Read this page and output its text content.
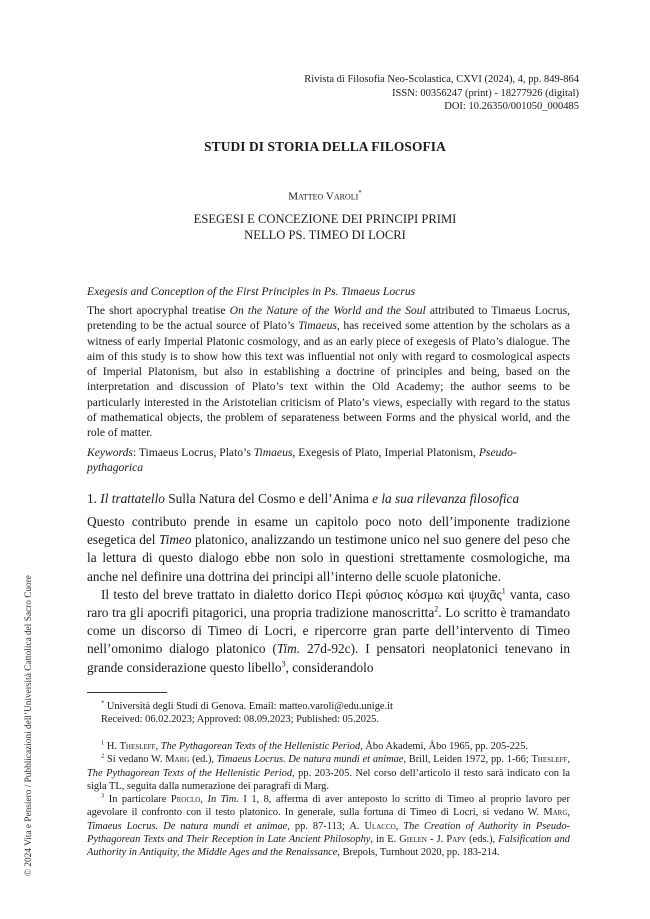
Rivista di Filosofia Neo-Scolastica, CXVI (2024), 4, pp. 849-864
ISSN: 00356247 (print) - 18277926 (digital)
DOI: 10.26350/001050_000485
STUDI DI STORIA DELLA FILOSOFIA
Matteo Varoli*
ESEGESI E CONCEZIONE DEI PRINCIPI PRIMI
NELLO PS. TIMEO DI LOCRI
Exegesis and Conception of the First Principles in Ps. Timaeus Locrus
The short apocryphal treatise On the Nature of the World and the Soul attributed to Timaeus Locrus, pretending to be the actual source of Plato’s Timaeus, has received some attention by the scholars as a witness of early Imperial Platonic cosmology, and as an early piece of exegesis of Plato’s dialogue. The aim of this study is to show how this text was influential not only with regard to cosmological aspects of Imperial Platonism, but also in establishing a doctrine of principles and being, based on the interpretation and discussion of Plato’s text within the Old Academy; the author seems to be particularly interested in the Aristotelian criticism of Plato’s views, especially with regard to the status of mathematical objects, the problem of separateness between Forms and the physical world, and the role of matter.
Keywords: Timaeus Locrus, Plato’s Timaeus, Exegesis of Plato, Imperial Platonism, Pseudo-pythagorica
1. Il trattatello Sulla Natura del Cosmo e dell’Anima e la sua rilevanza filosofica

Questo contributo prende in esame un capitolo poco noto dell’imponente tradizione esegetica del Timeo platonico, analizzando un testimone unico nel suo genere del peso che la lettura di questo dialogo ebbe non solo in questioni strettamente cosmologiche, ma anche nel definire una dottrina dei principi all’interno delle scuole platoniche.

Il testo del breve trattato in dialetto dorico Περὶ φύσιος κόσμω καὶ ψυχᾶς$^1$ vanta, caso raro tra gli apocrifi pitagorici, una propria tradizione manoscritta$^2$. Lo scritto è tramandato come un discorso di Timeo di Locri, e ripercorre gran parte dell’intervento di Timeo nell’omonimo dialogo platonico (Tim. 27d-92c). I pensatori neoplatonici tenevano in grande considerazione questo libello$^3$, considerandolo

* Università degli Studi di Genova. Email: matteo.varoli@edu.unige.it

Received: 06.02.2023; Approved: 08.09.2023; Published: 05.2025.

$^1$ H. Thesleff, The Pythagorean Texts of the Hellenistic Period, Åbo Akademi, Åbo 1965, pp. 205-225.

$^2$ Si vedano W. Marg (ed.), Timaeus Locrus. De natura mundi et animae, Brill, Leiden 1972, pp. 1-66; Thesleff, The Pythagorean Texts of the Hellenistic Period, pp. 203-205. Nel corso dell’articolo il testo sarà indicato con la sigla TL, seguita dalla numerazione dei paragrafi di Marg.

$^3$ In particolare Proclo, In Tim. I 1, 8, afferma di aver anteposto lo scritto di Timeo al proprio lavoro per agevolare il confronto con il testo platonico. In generale, sulla fortuna di Timeo di Locri, si vedano W. Marg, Timaeus Locrus. De natura mundi et animae, pp. 87-113; A. Ulacco, The Creation of Authority in Pseudo-Pythagorean Texts and Their Reception in Late Ancient Philosophy, in E. Gielen - J. Papy (eds.), Falsification and Authority in Antiquity, the Middle Ages and the Renaissance, Brepols, Turnhout 2020, pp. 183-214.

© 2024 Vita e Pensiero / Pubblicazioni dell’Università Cattolica del Sacro Cuore
